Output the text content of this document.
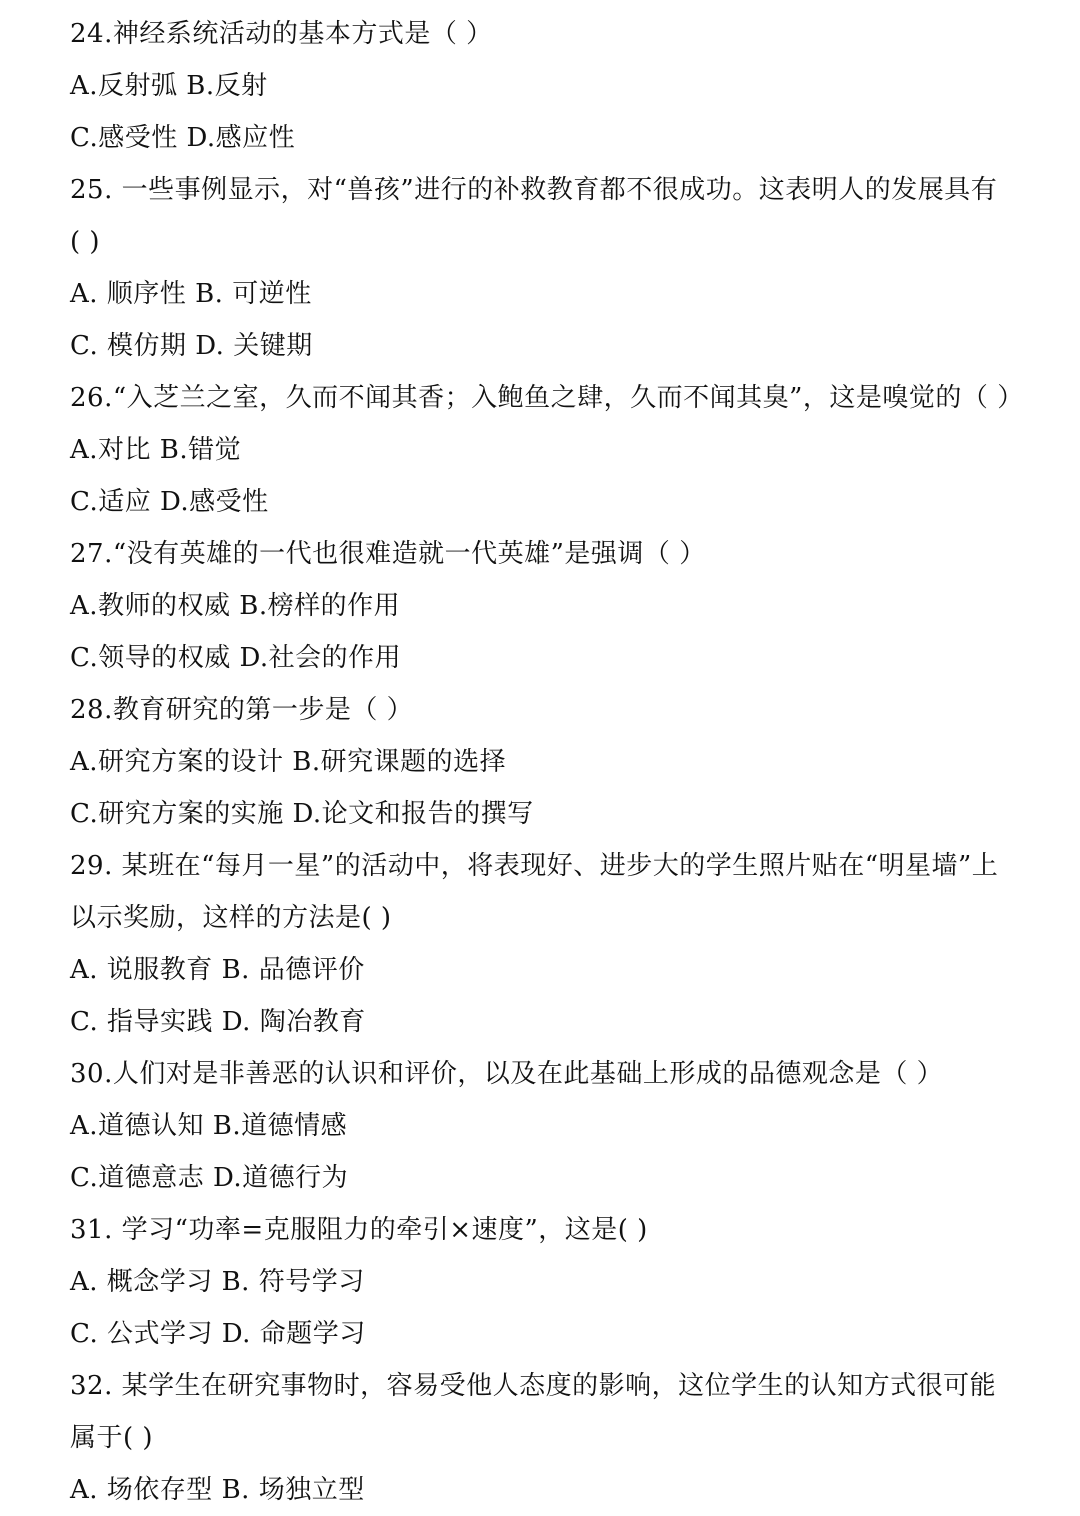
24.神经系统活动的基本方式是（ ）
A.反射弧 B.反射
C.感受性 D.感应性
25. 一些事例显示，对“兽孩”进行的补救教育都不很成功。这表明人的发展具有
( )
A. 顺序性 B. 可逆性
C. 模仿期 D. 关键期
26.“入芝兰之室，久而不闻其香；入鲍鱼之肆，久而不闻其臭”，这是嗅觉的（ ）
A.对比 B.错觉
C.适应 D.感受性
27.“没有英雄的一代也很难造就一代英雄”是强调（ ）
A.教师的权威 B.榜样的作用
C.领导的权威 D.社会的作用
28.教育研究的第一步是（ ）
A.研究方案的设计 B.研究课题的选择
C.研究方案的实施 D.论文和报告的撰写
29. 某班在“每月一星”的活动中，将表现好、进步大的学生照片贴在“明星墙”上
以示奖励，这样的方法是( )
A. 说服教育 B. 品德评价
C. 指导实践 D. 陶冶教育
30.人们对是非善恶的认识和评价，以及在此基础上形成的品德观念是（ ）
A.道德认知 B.道德情感
C.道德意志 D.道德行为
31. 学习“功率=克服阻力的牵引×速度”，这是( )
A. 概念学习 B. 符号学习
C. 公式学习 D. 命题学习
32. 某学生在研究事物时，容易受他人态度的影响，这位学生的认知方式很可能
属于( )
A. 场依存型 B. 场独立型
